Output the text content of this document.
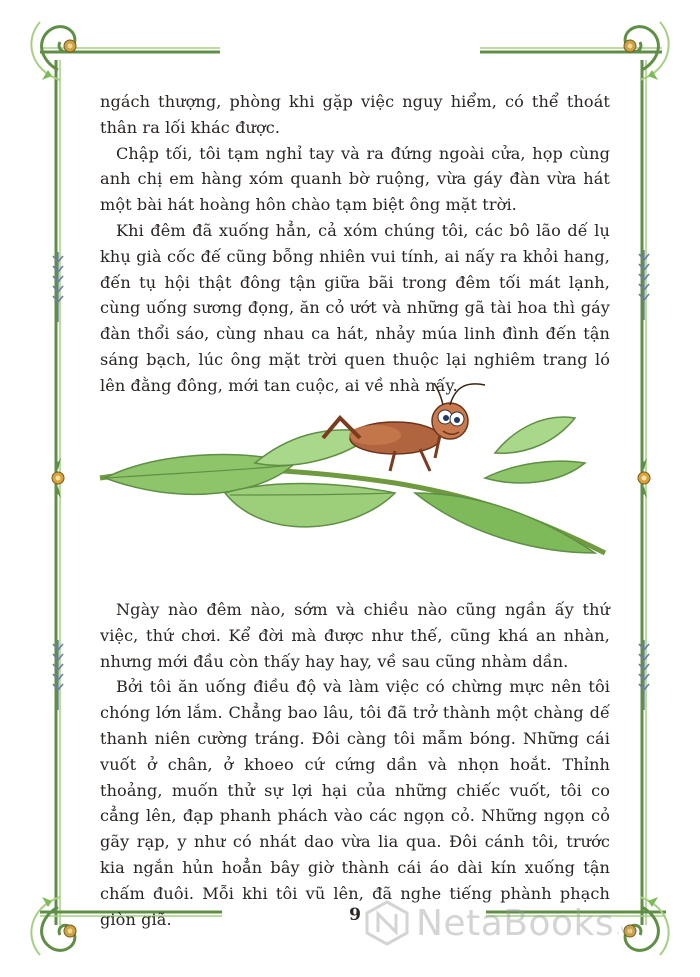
ngách thượng, phòng khi gặp việc nguy hiểm, có thể thoát thân ra lối khác được.

Chập tối, tôi tạm nghỉ tay và ra đứng ngoài cửa, họp cùng anh chị em hàng xóm quanh bờ ruộng, vừa gáy đàn vừa hát một bài hát hoàng hôn chào tạm biệt ông mặt trời.

Khi đêm đã xuống hẳn, cả xóm chúng tôi, các bô lão dế lụ khụ già cốc đế cũng bỗng nhiên vui tính, ai nấy ra khỏi hang, đến tụ hội thật đông tận giữa bãi trong đêm tối mát lạnh, cùng uống sương đọng, ăn cỏ ướt và những gã tài hoa thì gáy đàn thổi sáo, cùng nhau ca hát, nhảy múa linh đình đến tận sáng bạch, lúc ông mặt trời quen thuộc lại nghiêm trang ló lên đằng đông, mới tan cuộc, ai về nhà nấy.

Ngày nào đêm nào, sớm và chiều nào cũng ngần ấy thứ việc, thứ chơi. Kể đời mà được như thế, cũng khá an nhàn, nhưng mới đầu còn thấy hay hay, về sau cũng nhàm dần.

Bởi tôi ăn uống điều độ và làm việc có chừng mực nên tôi chóng lớn lắm. Chẳng bao lâu, tôi đã trở thành một chàng dế thanh niên cường tráng. Đôi càng tôi mẫm bóng. Những cái vuốt ở chân, ở khoeo cứ cứng dần và nhọn hoắt. Thỉnh thoảng, muốn thử sự lợi hại của những chiếc vuốt, tôi co cẳng lên, đạp phanh phách vào các ngọn cỏ. Những ngọn cỏ gãy rạp, y như có nhát dao vừa lia qua. Đôi cánh tôi, trước kia ngắn hủn hoẳn bây giờ thành cái áo dài kín xuống tận chấm đuôi. Mỗi khi tôi vũ lên, đã nghe tiếng phành phạch giòn giã.	9 NetaBooks .vn
